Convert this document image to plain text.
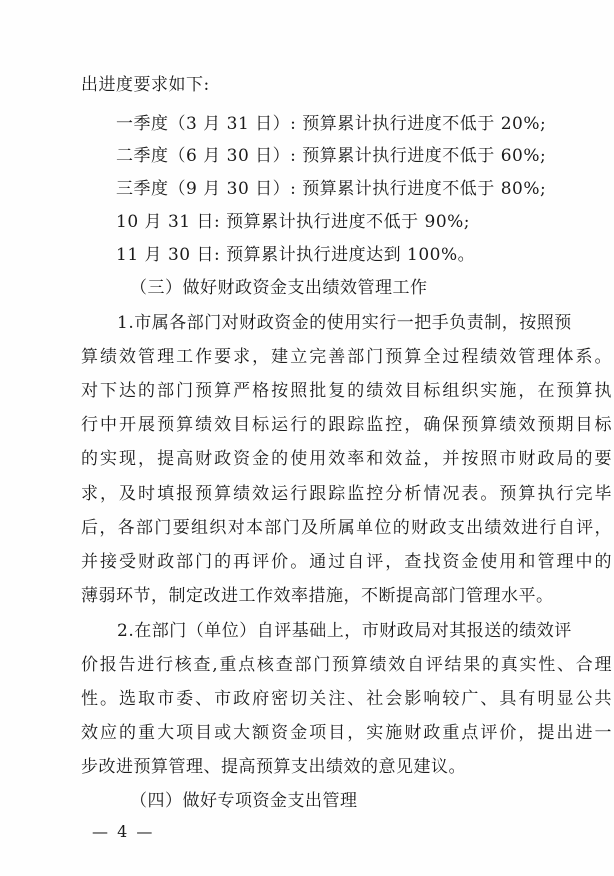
出进度要求如下:
一季度（3 月 31 日）: 预算累计执行进度不低于 20%;
二季度（6 月 30 日）: 预算累计执行进度不低于 60%;
三季度（9 月 30 日）: 预算累计执行进度不低于 80%;
10 月 31 日: 预算累计执行进度不低于 90%;
11 月 30 日: 预算累计执行进度达到 100%。
（三）做好财政资金支出绩效管理工作
1.市属各部门对财政资金的使用实行一把手负责制，按照预
算绩效管理工作要求，建立完善部门预算全过程绩效管理体系。
对下达的部门预算严格按照批复的绩效目标组织实施，在预算执
行中开展预算绩效目标运行的跟踪监控，确保预算绩效预期目标
的实现，提高财政资金的使用效率和效益，并按照市财政局的要
求，及时填报预算绩效运行跟踪监控分析情况表。预算执行完毕
后，各部门要组织对本部门及所属单位的财政支出绩效进行自评，
并接受财政部门的再评价。通过自评，查找资金使用和管理中的
薄弱环节，制定改进工作效率措施，不断提高部门管理水平。
2.在部门（单位）自评基础上，市财政局对其报送的绩效评
价报告进行核查,重点核查部门预算绩效自评结果的真实性、合理
性。选取市委、市政府密切关注、社会影响较广、具有明显公共
效应的重大项目或大额资金项目，实施财政重点评价，提出进一
步改进预算管理、提高预算支出绩效的意见建议。
（四）做好专项资金支出管理
— 4 —
